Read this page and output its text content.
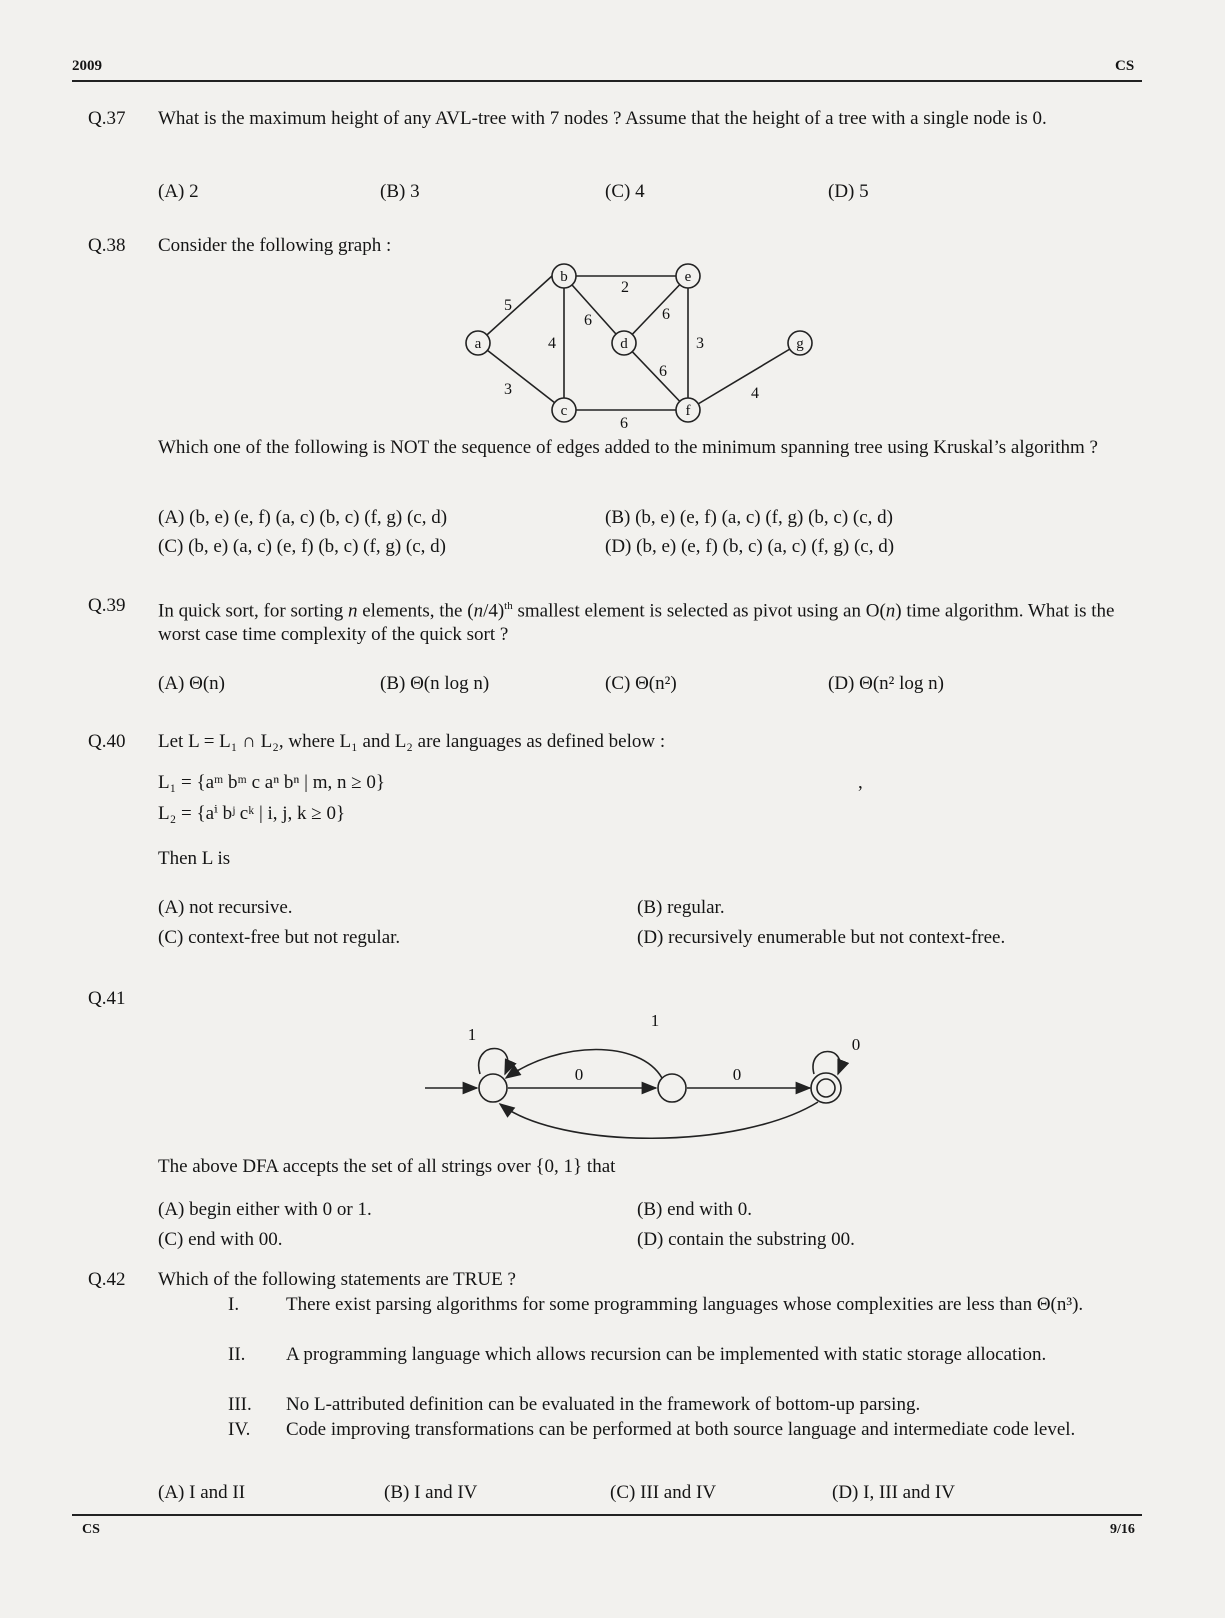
2009	CS
Q.37	What is the maximum height of any AVL-tree with 7 nodes ? Assume that the height of a tree with a single node is 0.
(A) 2	(B) 3	(C) 4	(D) 5
Q.38	Consider the following graph :
a
b
c
d
e
f
g
5
2
6	6
4	3
6
3	4
6
Which one of the following is NOT the sequence of edges added to the minimum spanning tree using Kruskal’s algorithm ?
(A) (b, e) (e, f) (a, c) (b, c) (f, g) (c, d)	(B) (b, e) (e, f) (a, c) (f, g) (b, c) (c, d)
(C) (b, e) (a, c) (e, f) (b, c) (f, g) (c, d)	(D) (b, e) (e, f) (b, c) (a, c) (f, g) (c, d)
Q.39	In quick sort, for sorting n elements, the $(n/4)^{th}$ smallest element is selected as pivot using an O(n) time algorithm. What is the worst case time complexity of the quick sort ?
(A) Θ(n)	(B) Θ(n log n)	(C) Θ(n²)	(D) Θ(n² log n)
Q.40	Let L = L₁ ∩ L₂, where L₁ and L₂ are languages as defined below :
L₁ = {aᵐ bᵐ c aⁿ bⁿ | m, n ≥ 0}	,
L₂ = {aⁱ bʲ cᵏ | i, j, k ≥ 0}
Then L is
(A) not recursive.	(B) regular.
(C) context-free but not regular.	(D) recursively enumerable but not context-free.
Q.41
1
0	0
0
1
The above DFA accepts the set of all strings over {0, 1} that
(A) begin either with 0 or 1.	(B) end with 0.
(C) end with 00.	(D) contain the substring 00.
Q.42	Which of the following statements are TRUE ?
I. There exist parsing algorithms for some programming languages whose complexities are less than Θ(n³).
II. A programming language which allows recursion can be implemented with static storage allocation.
III. No L-attributed definition can be evaluated in the framework of bottom-up parsing.
IV. Code improving transformations can be performed at both source language and intermediate code level.
(A) I and II	(B) I and IV	(C) III and IV	(D) I, III and IV
CS	9/16
